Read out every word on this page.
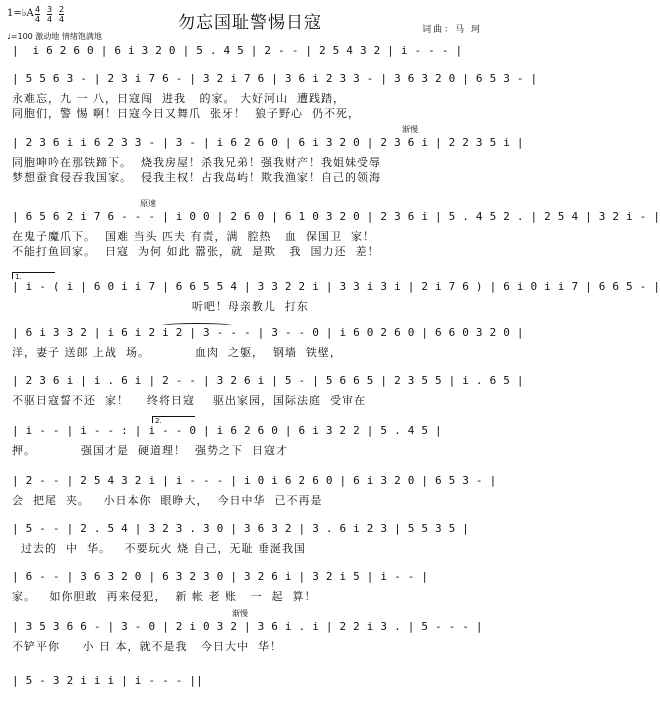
1=♭A 4
4
3
4
2
4
♩=100 激动地 情绪饱满地
勿忘国耻警惕日寇	词曲：马 珂
|  i 6 2 6 0 | 6 i 3 2 0 | 5 . 4 5 | 2 - - | 2 5 4 3 2 | i - - - |
| 5 5 6 3 - | 2 3 i 7 6 - | 3 2 i 7 6 | 3 6 i 2 3 3 - | 3 6 3 2 0 | 6 5 3 - |
永难忘，九 一 八，日寇闯  进我   的家。 大好河山  遭践踏，
同胞们，警 惕 啊！日寇今日又舞爪  张牙！  狼子野心  仍不死，
渐慢
| 2 3 6 i i 6 2 3 3 - | 3 - | i 6 2 6 0 | 6 i 3 2 0 | 2 3 6 i | 2 2 3 5 i |
同胞呻吟在那铁蹄下。  烧我房屋！杀我兄弟！强我财产！我姐妹受辱
梦想蚕食侵吞我国家。  侵我主权！占我岛屿！欺我渔家！自己的领海
原速
| 6 5 6 2 i 7 6 - - - | i 0 0 | 2 6 0 | 6 1 0 3 2 0 | 2 3 6 i | 5 . 4 5 2 . | 2 5 4 | 3 2 i - |
在鬼子魔爪下。  国难 当头 匹夫 有责，满  腔热   血  保国卫  家！
不能打鱼回家。  日寇  为何 如此 嚣张，就  是欺   我  国力还  差！
1.
| i - ( i | 6 0 i i 7 | 6 6 5 5 4 | 3 3 2 2 i | 3 3 i 3 i | 2 i 7 6 ) | 6 i 0 i i 7 | 6 6 5 - |
听吧！母亲教儿  打东
| 6 i 3 3 2 | i 6 i 2 i 2 | 3 - - - | 3 - - 0 | i 6 0 2 6 0 | 6 6 0 3 2 0 |
洋，妻子 送郎 上战  场。          血肉  之躯，  钢墙  铁壁，
| 2 3 6 i | i . 6 i | 2 - - | 3 2 6 i | 5 - | 5 6 6 5 | 2 3 5 5 | i . 6 5 |
不驱日寇誓不还  家！    终将日寇    驱出家园，国际法庭  受审在
2.
| i - - | i - - : | i - - 0 | i 6 2 6 0 | 6 i 3 2 2 | 5 . 4 5 |
押。          强国才是  硬道理！  强势之下  日寇才
| 2 - - | 2 5 4 3 2 i | i - - - | i 0 i 6 2 6 0 | 6 i 3 2 0 | 6 5 3 - |
会  把尾  夹。   小日本你  眼睁大，  今日中华  已不再是
| 5 - - | 2 . 5 4 | 3 2 3 . 3 0 | 3 6 3 2 | 3 . 6 i 2 3 | 5 5 3 5 |
过去的  中  华。   不要玩火 烧 自己，无耻 垂涎我国
| 6 - - | 3 6 3 2 0 | 6 3 2 3 0 | 3 2 6 i | 3 2 i 5 | i - - |
家。   如你胆敢  再来侵犯，  新 帐 老 账   一  起  算！
渐慢
| 3 5 3 6 6 - | 3 - 0 | 2 i 0 3 2 | 3 6 i . i | 2 2 i 3 . | 5 - - - |
不铲平你     小 日 本，就不是我   今日大中  华！
| 5 - 3 2 i i i | i - - - ||
